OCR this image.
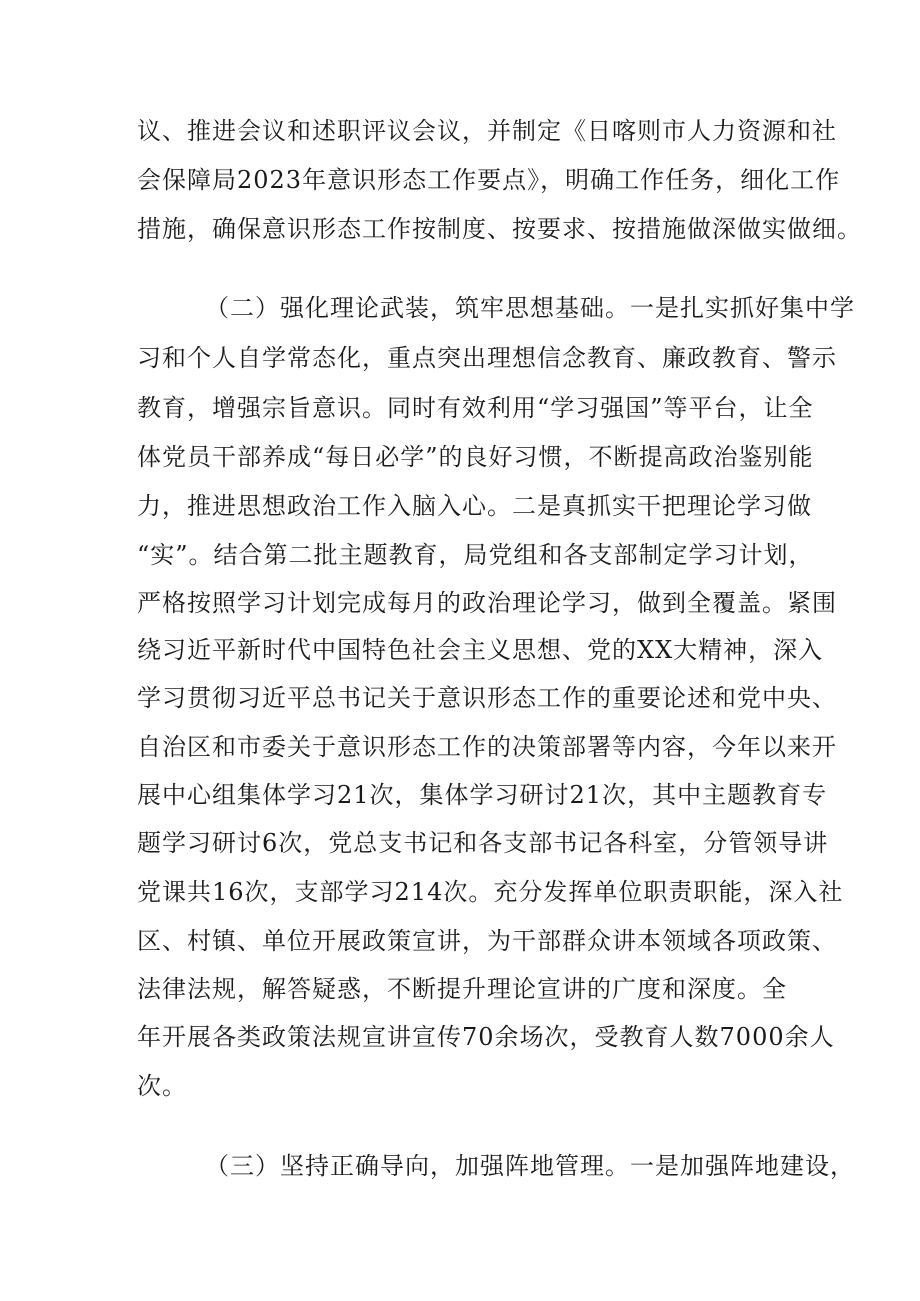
议、推进会议和述职评议会议，并制定《日喀则市人力资源和社
会保障局2023年意识形态工作要点》，明确工作任务，细化工作
措施，确保意识形态工作按制度、按要求、按措施做深做实做细。
（二）强化理论武装，筑牢思想基础。一是扎实抓好集中学
习和个人自学常态化，重点突出理想信念教育、廉政教育、警示
教育，增强宗旨意识。同时有效利用“学习强国”等平台，让全
体党员干部养成“每日必学”的良好习惯，不断提高政治鉴别能
力，推进思想政治工作入脑入心。二是真抓实干把理论学习做
“实”。结合第二批主题教育，局党组和各支部制定学习计划，
严格按照学习计划完成每月的政治理论学习，做到全覆盖。紧围
绕习近平新时代中国特色社会主义思想、党的XX大精神，深入
学习贯彻习近平总书记关于意识形态工作的重要论述和党中央、
自治区和市委关于意识形态工作的决策部署等内容，今年以来开
展中心组集体学习21次，集体学习研讨21次，其中主题教育专
题学习研讨6次，党总支书记和各支部书记各科室，分管领导讲
党课共16次，支部学习214次。充分发挥单位职责职能，深入社
区、村镇、单位开展政策宣讲，为干部群众讲本领域各项政策、
法律法规，解答疑惑，不断提升理论宣讲的广度和深度。全
年开展各类政策法规宣讲宣传70余场次，受教育人数7000余人
次。
（三）坚持正确导向，加强阵地管理。一是加强阵地建设，
